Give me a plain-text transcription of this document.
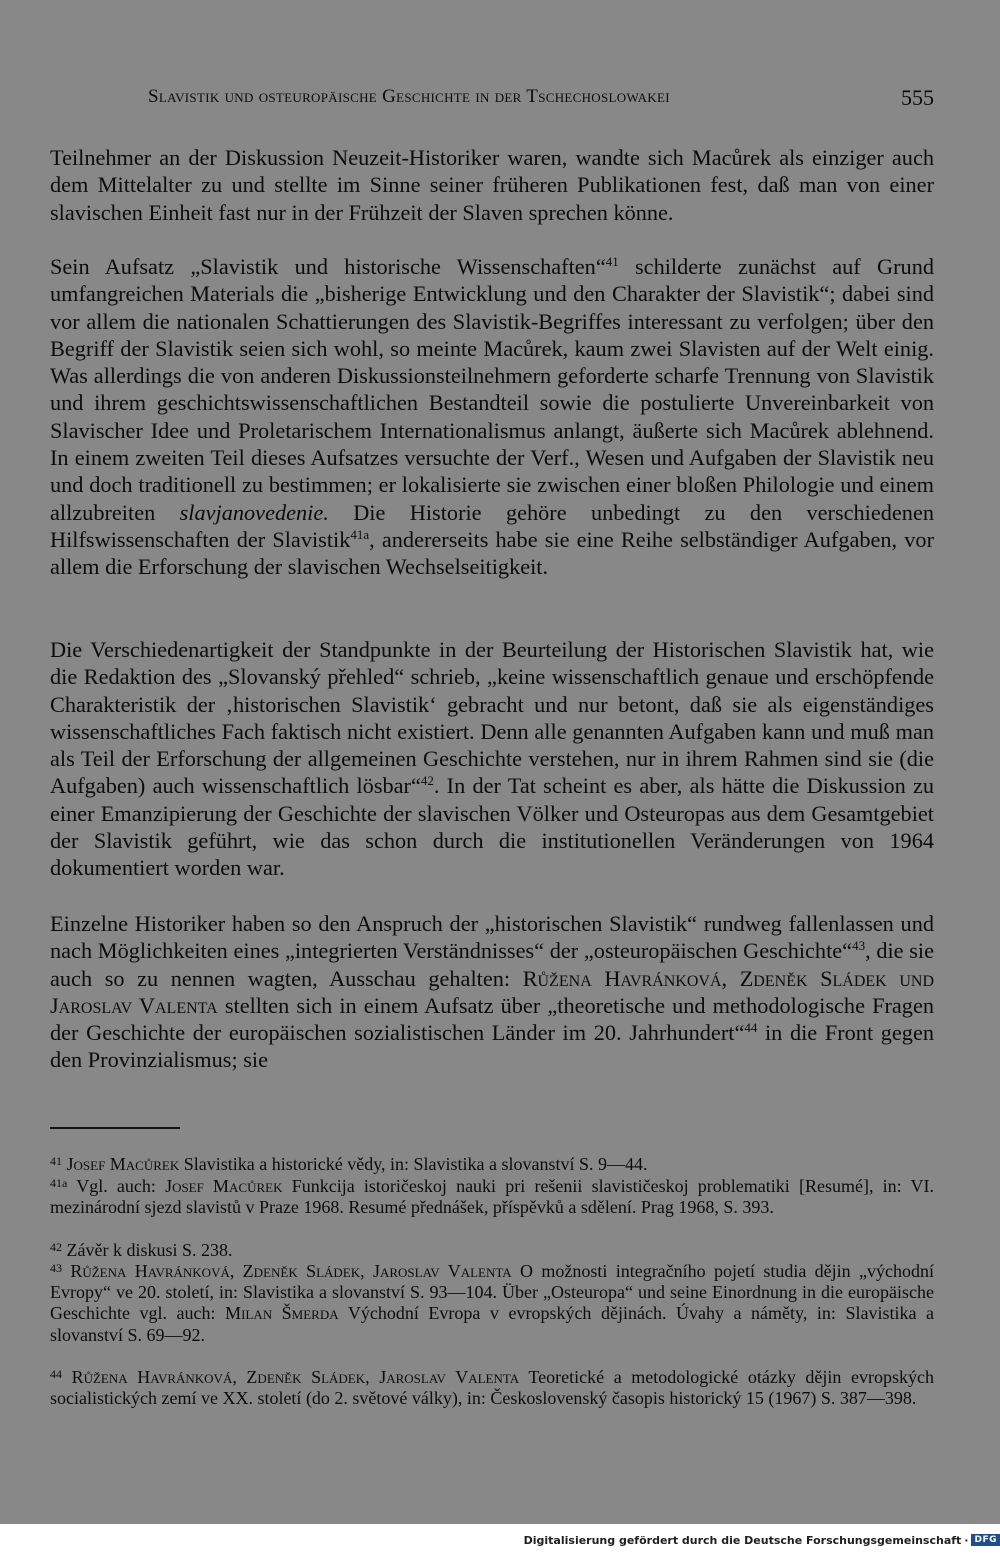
Slavistik und osteuropäische Geschichte in der Tschechoslowakei	555

Teilnehmer an der Diskussion Neuzeit-Historiker waren, wandte sich Macůrek als einziger auch dem Mittelalter zu und stellte im Sinne seiner früheren Publikationen fest, daß man von einer slavischen Einheit fast nur in der Frühzeit der Slaven sprechen könne.

Sein Aufsatz „Slavistik und historische Wissenschaften“$^{41}$ schilderte zunächst auf Grund umfangreichen Materials die „bisherige Entwicklung und den Charakter der Slavistik“; dabei sind vor allem die nationalen Schattierungen des Slavistik-Begriffes interessant zu verfolgen; über den Begriff der Slavistik seien sich wohl, so meinte Macůrek, kaum zwei Slavisten auf der Welt einig. Was allerdings die von anderen Diskussionsteilnehmern geforderte scharfe Trennung von Slavistik und ihrem geschichtswissenschaftlichen Bestandteil sowie die postulierte Unvereinbarkeit von Slavischer Idee und Proletarischem Internationalismus anlangt, äußerte sich Macůrek ablehnend. In einem zweiten Teil dieses Aufsatzes versuchte der Verf., Wesen und Aufgaben der Slavistik neu und doch traditionell zu bestimmen; er lokalisierte sie zwischen einer bloßen Philologie und einem allzubreiten slavjanovedenie. Die Historie gehöre unbedingt zu den verschiedenen Hilfswissenschaften der Slavistik$^{41a}$, andererseits habe sie eine Reihe selbständiger Aufgaben, vor allem die Erforschung der slavischen Wechselseitigkeit.

Die Verschiedenartigkeit der Standpunkte in der Beurteilung der Historischen Slavistik hat, wie die Redaktion des „Slovanský přehled“ schrieb, „keine wissenschaftlich genaue und erschöpfende Charakteristik der ‚historischen Slavistik‘ gebracht und nur betont, daß sie als eigenständiges wissenschaftliches Fach faktisch nicht existiert. Denn alle genannten Aufgaben kann und muß man als Teil der Erforschung der allgemeinen Geschichte verstehen, nur in ihrem Rahmen sind sie (die Aufgaben) auch wissenschaftlich lösbar“$^{42}$. In der Tat scheint es aber, als hätte die Diskussion zu einer Emanzipierung der Geschichte der slavischen Völker und Osteuropas aus dem Gesamtgebiet der Slavistik geführt, wie das schon durch die institutionellen Veränderungen von 1964 dokumentiert worden war.

Einzelne Historiker haben so den Anspruch der „historischen Slavistik“ rundweg fallenlassen und nach Möglichkeiten eines „integrierten Verständnisses“ der „osteuropäischen Geschichte“$^{43}$, die sie auch so zu nennen wagten, Ausschau gehalten: Růžena Havránková, Zdeněk Sládek und Jaroslav Valenta stellten sich in einem Aufsatz über „theoretische und methodologische Fragen der Geschichte der europäischen sozialistischen Länder im 20. Jahrhundert“$^{44}$ in die Front gegen den Provinzialismus; sie

$^{41}$ Josef Macůrek Slavistika a historické vědy, in: Slavistika a slovanství S. 9—44.

$^{41a}$ Vgl. auch: Josef Macůrek Funkcija istoričeskoj nauki pri rešenii slavističeskoj problematiki [Resumé], in: VI. mezinárodní sjezd slavistů v Praze 1968. Resumé přednášek, příspěvků a sdělení. Prag 1968, S. 393.

$^{42}$ Závěr k diskusi S. 238.

$^{43}$ Růžena Havránková, Zdeněk Sládek, Jaroslav Valenta O možnosti integračního pojetí studia dějin „východní Evropy“ ve 20. století, in: Slavistika a slovanství S. 93—104. Über „Osteuropa“ und seine Einordnung in die europäische Geschichte vgl. auch: Milan Šmerda Východní Evropa v evropských dějinách. Úvahy a náměty, in: Slavistika a slovanství S. 69—92.

$^{44}$ Růžena Havránková, Zdeněk Sládek, Jaroslav Valenta Teoretické a metodologické otázky dějin evropských socialistických zemí ve XX. století (do 2. světové války), in: Československý časopis historický 15 (1967) S. 387—398.

Digitalisierung gefördert durch die Deutsche Forschungsgemeinschaft · DFG
